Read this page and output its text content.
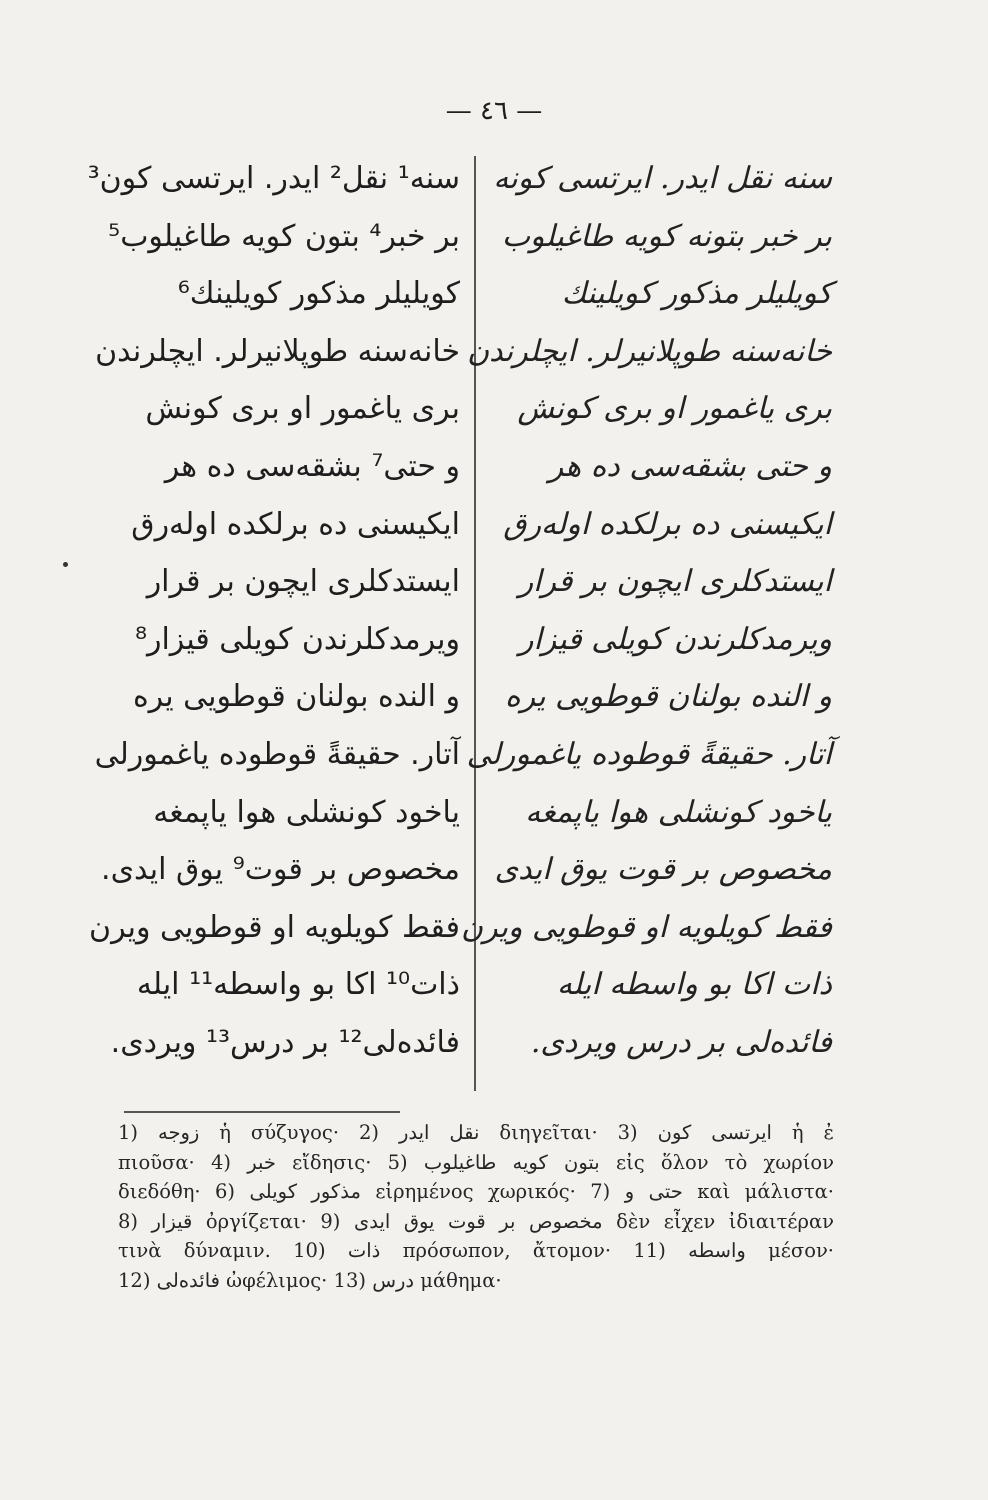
— ٤٦ —
سنه¹ نقل² ایدر. ایرتسی کون³
بر خبر⁴ بتون کویه طاغیلوب⁵
کویلیلر مذکور کویلینك⁶
خانه‌سنه طوپلانیرلر. ایچلرندن
بری یاغمور او بری کونش
و حتی⁷ بشقه‌سی ده هر
ایکیسنی ده برلکده اوله‌رق
ایستدکلری ایچون بر قرار
ویرمدکلرندن کویلی قیزار⁸
و النده بولنان قوطویی یره
آتار. حقیقةً قوطوده یاغمورلی
یاخود کونشلی هوا یاپمغه
مخصوص بر قوت⁹ یوق ایدی.
فقط کویلویه او قوطویی ویرن
ذات¹⁰ اکا بو واسطه¹¹ ایله
فائده‌لی¹² بر درس¹³ ویردی.
سنه نقل ایدر. ایرتسی کونه
بر خبر بتونه کویه طاغیلوب
کویلیلر مذکور کویلینك
خانه‌سنه طوپلانیرلر. ایچلرندن
بری یاغمور او بری کونش
و حتی بشقه‌سی ده هر
ایکیسنی ده برلکده اوله‌رق
ایستدکلری ایچون بر قرار
ویرمدکلرندن کویلی قیزار
و النده بولنان قوطویی یره
آتار. حقیقةً قوطوده یاغمورلی
یاخود کونشلی هوا یاپمغه
مخصوص بر قوت یوق ایدی
فقط کویلویه او قوطویی ویرن
ذات اکا بو واسطه ایله
فائده‌لی بر درس ویردی.
1) زوجه ἡ σύζυγος· 2) نقل ایدر διηγεῖται· 3) ایرتسی کون ἡ ἐ
πιοῦσα· 4) خبر εἴδησις· 5) بتون کویه طاغیلوب εἰς ὅλον τὸ χωρίον
διεδόθη· 6) مذکور کویلی εἰρημένος χωρικός· 7) حتی و καὶ μάλιστα·
8) قیزار ὀργίζεται· 9) مخصوص بر قوت یوق ایدی δὲν εἶχεν ἰδιαιτέραν
τινὰ δύναμιν. 10) ذات πρόσωπον, ἄτομον· 11) واسطه μέσον·
12) فائده‌لی ὠφέλιμος· 13) درس μάθημα·
